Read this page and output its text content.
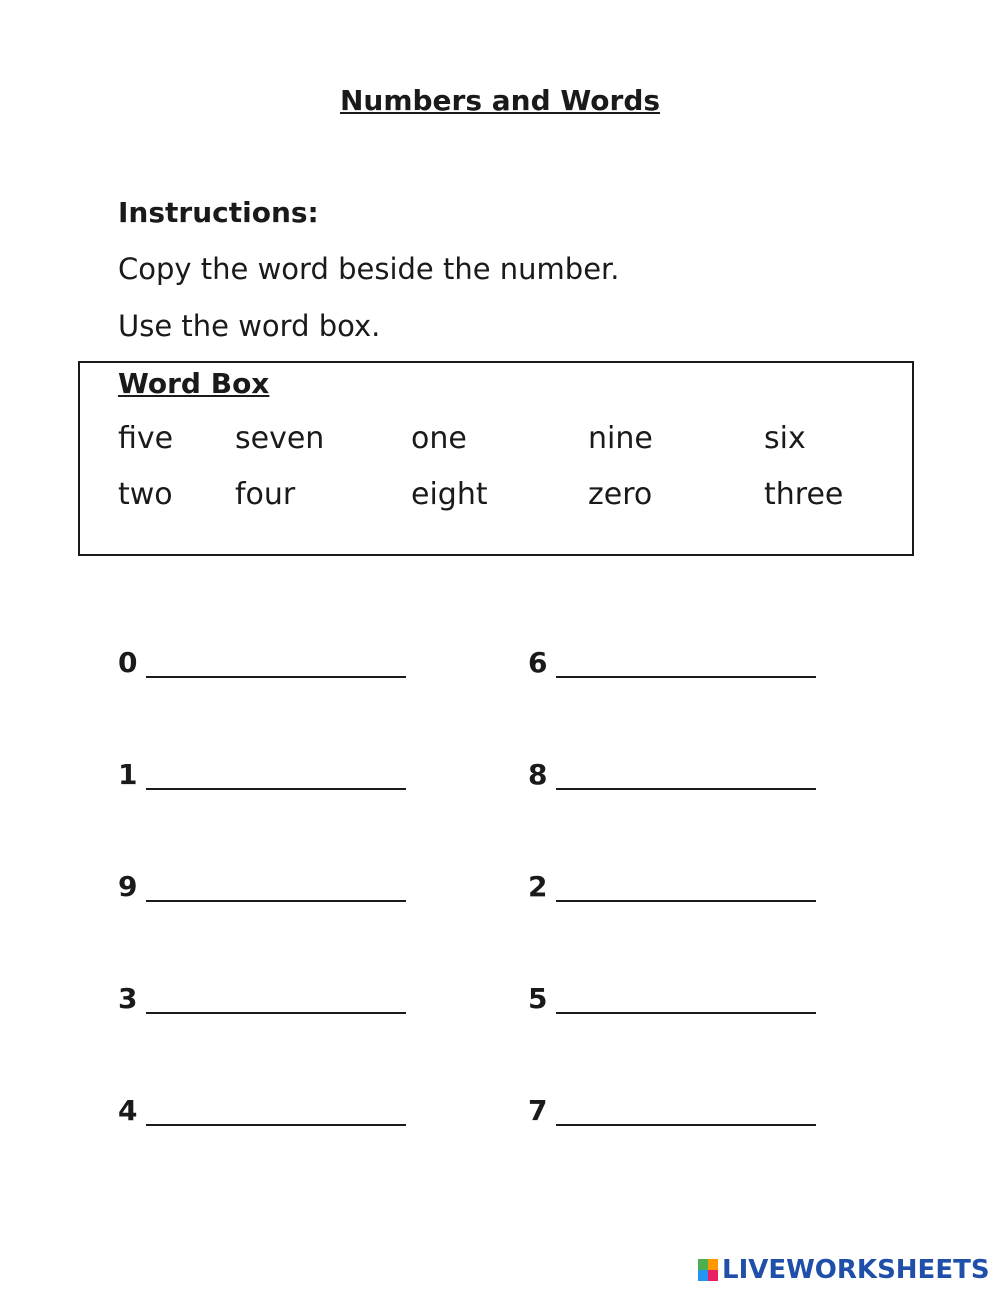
Numbers and Words
Instructions:
Copy the word beside the number.
Use the word box.
Word Box
five seven	one	nine	six
two four	eight	zero	three
0
1
9
3
4
6
8
2
5
7
LIVEWORKSHEETS
